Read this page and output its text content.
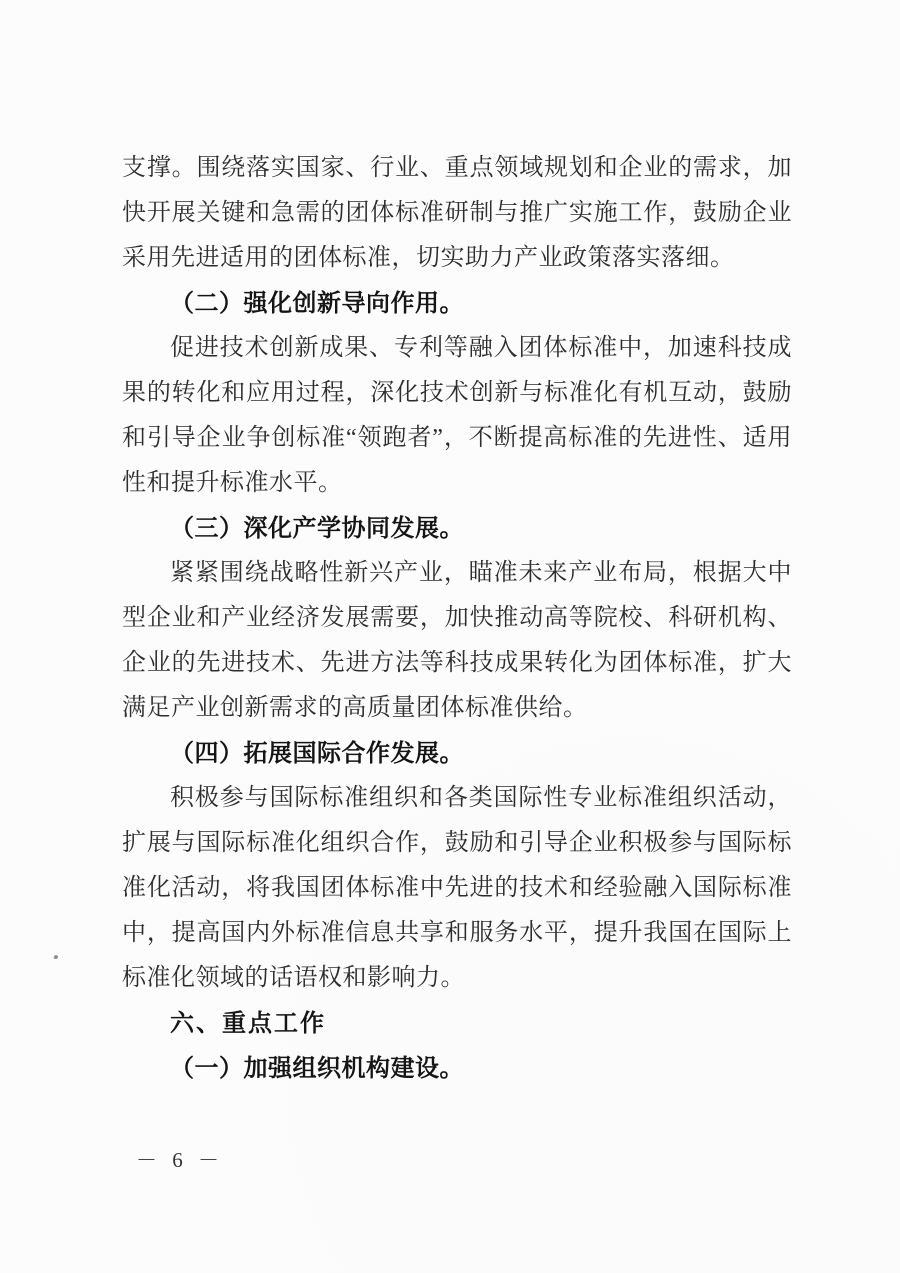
支撑。围绕落实国家、行业、重点领域规划和企业的需求，加快开展关键和急需的团体标准研制与推广实施工作，鼓励企业采用先进适用的团体标准，切实助力产业政策落实落细。

（二）强化创新导向作用。

促进技术创新成果、专利等融入团体标准中，加速科技成果的转化和应用过程，深化技术创新与标准化有机互动，鼓励和引导企业争创标准“领跑者”，不断提高标准的先进性、适用性和提升标准水平。

（三）深化产学协同发展。

紧紧围绕战略性新兴产业，瞄准未来产业布局，根据大中型企业和产业经济发展需要，加快推动高等院校、科研机构、企业的先进技术、先进方法等科技成果转化为团体标准，扩大满足产业创新需求的高质量团体标准供给。

（四）拓展国际合作发展。

积极参与国际标准组织和各类国际性专业标准组织活动，扩展与国际标准化组织合作，鼓励和引导企业积极参与国际标准化活动，将我国团体标准中先进的技术和经验融入国际标准中，提高国内外标准信息共享和服务水平，提升我国在国际上标准化领域的话语权和影响力。

六、重点工作

（一）加强组织机构建设。

－ 6 －
